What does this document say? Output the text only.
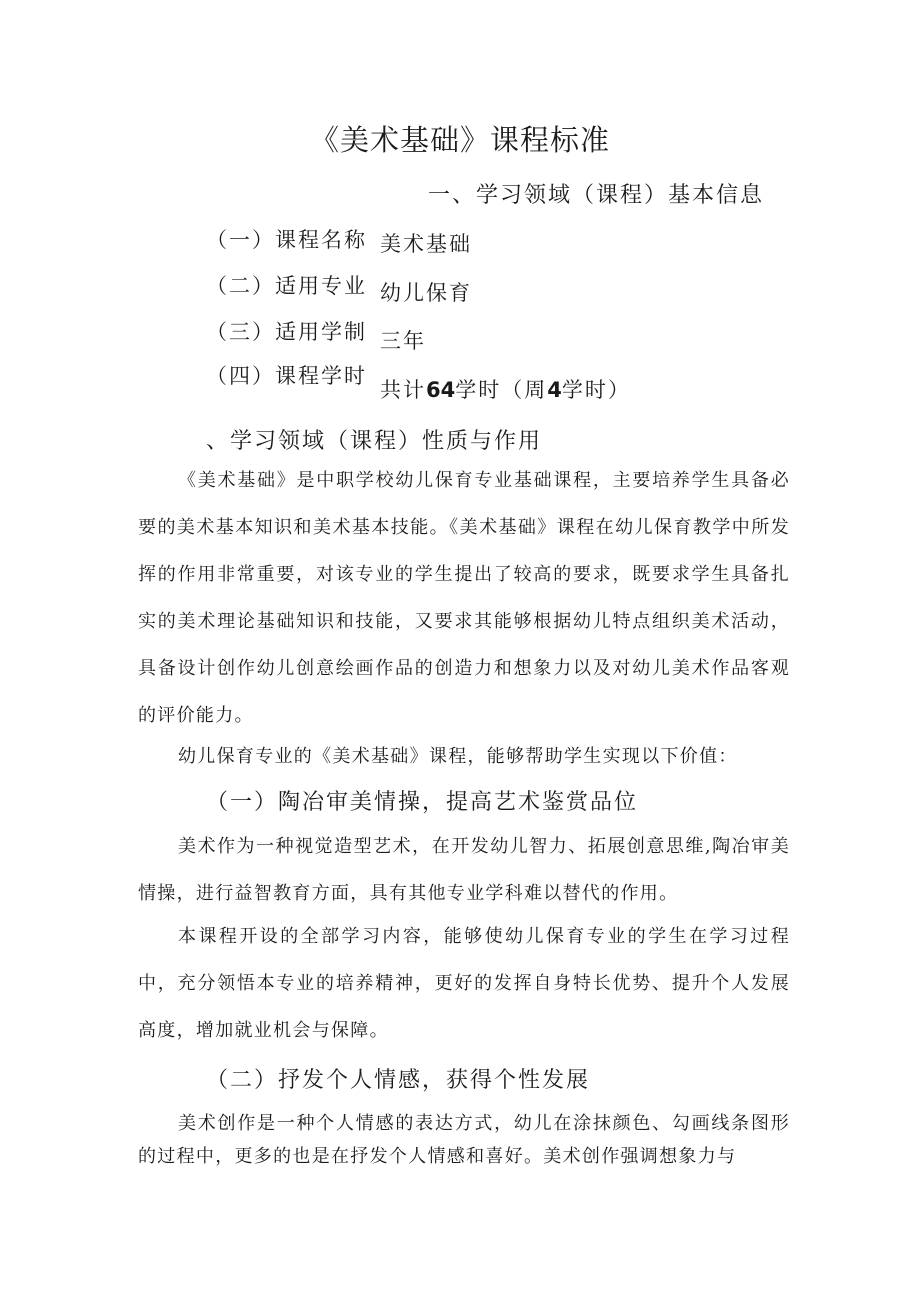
《美术基础》课程标准
一、学习领域（课程）基本信息
（一）课程名称 美术基础
（二）适用专业 幼儿保育
（三）适用学制 三年
（四）课程学时
共计64学时（周4学时）
、学习领域（课程）性质与作用
《美术基础》是中职学校幼儿保育专业基础课程，主要培养学生具备必要的美术基本知识和美术基本技能。《美术基础》课程在幼儿保育教学中所发挥的作用非常重要，对该专业的学生提出了较高的要求，既要求学生具备扎实的美术理论基础知识和技能，又要求其能够根据幼儿特点组织美术活动，具备设计创作幼儿创意绘画作品的创造力和想象力以及对幼儿美术作品客观的评价能力。
幼儿保育专业的《美术基础》课程，能够帮助学生实现以下价值：
（一）陶冶审美情操，提高艺术鉴赏品位
美术作为一种视觉造型艺术，在开发幼儿智力、拓展创意思维,陶冶审美情操，进行益智教育方面，具有其他专业学科难以替代的作用。
本课程开设的全部学习内容，能够使幼儿保育专业的学生在学习过程中，充分领悟本专业的培养精神，更好的发挥自身特长优势、提升个人发展高度，增加就业机会与保障。
（二）抒发个人情感，获得个性发展
美术创作是一种个人情感的表达方式，幼儿在涂抹颜色、勾画线条图形的过程中，更多的也是在抒发个人情感和喜好。美术创作强调想象力与
